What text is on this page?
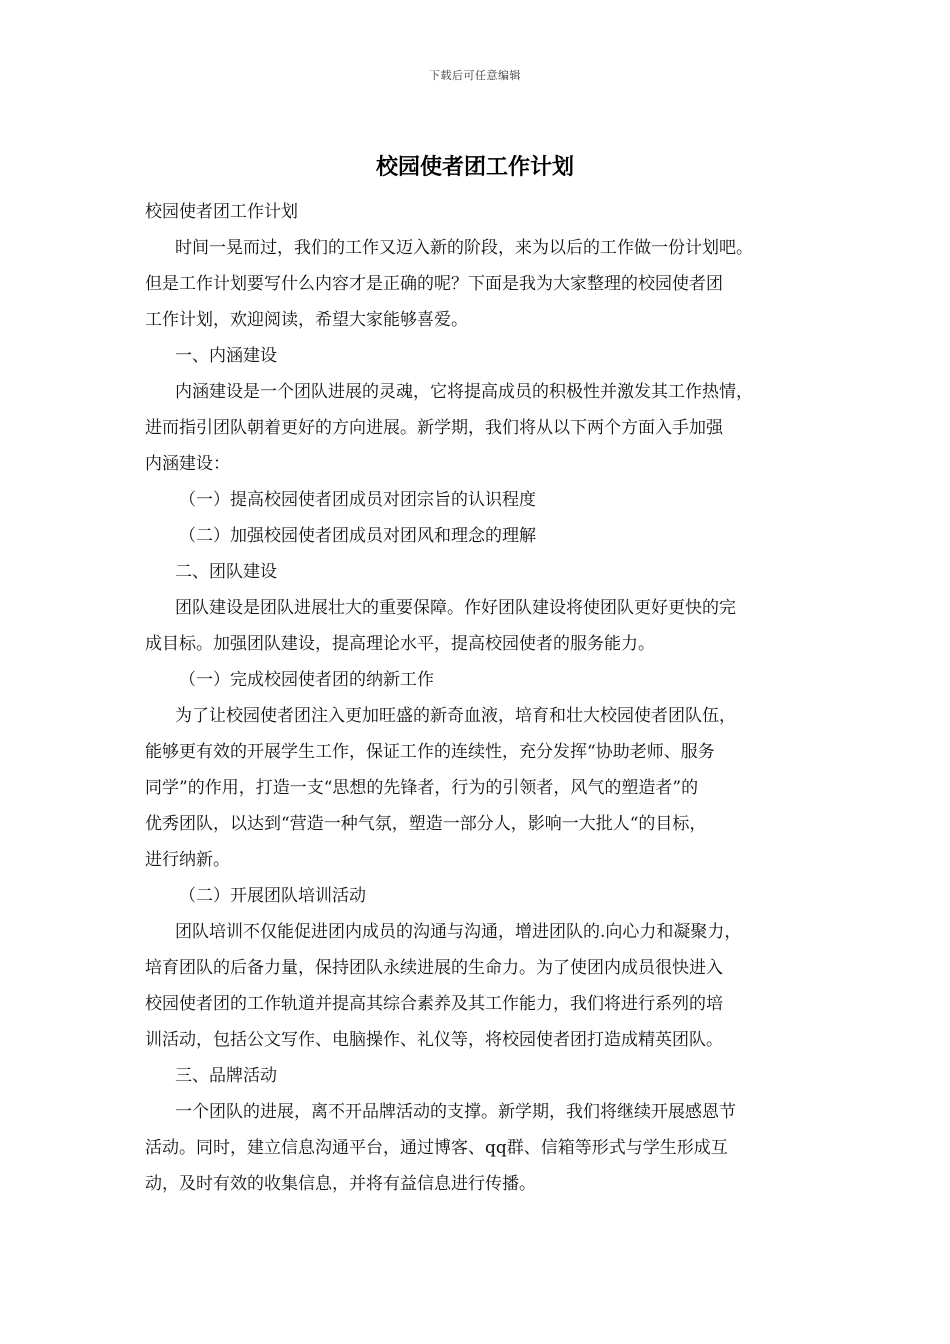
下载后可任意编辑
校园使者团工作计划
校园使者团工作计划
时间一晃而过，我们的工作又迈入新的阶段，来为以后的工作做一份计划吧。
但是工作计划要写什么内容才是正确的呢？下面是我为大家整理的校园使者团
工作计划，欢迎阅读，希望大家能够喜爱。
一、内涵建设
内涵建设是一个团队进展的灵魂，它将提高成员的积极性并激发其工作热情，
进而指引团队朝着更好的方向进展。新学期，我们将从以下两个方面入手加强
内涵建设：
（一）提高校园使者团成员对团宗旨的认识程度
（二）加强校园使者团成员对团风和理念的理解
二、团队建设
团队建设是团队进展壮大的重要保障。作好团队建设将使团队更好更快的完
成目标。加强团队建设，提高理论水平，提高校园使者的服务能力。
（一）完成校园使者团的纳新工作
为了让校园使者团注入更加旺盛的新奇血液，培育和壮大校园使者团队伍，
能够更有效的开展学生工作，保证工作的连续性，充分发挥“协助老师、服务
同学”的作用，打造一支“思想的先锋者，行为的引领者，风气的塑造者”的
优秀团队，以达到“营造一种气氛，塑造一部分人，影响一大批人“的目标，
进行纳新。
（二）开展团队培训活动
团队培训不仅能促进团内成员的沟通与沟通，增进团队的.向心力和凝聚力，
培育团队的后备力量，保持团队永续进展的生命力。为了使团内成员很快进入
校园使者团的工作轨道并提高其综合素养及其工作能力，我们将进行系列的培
训活动，包括公文写作、电脑操作、礼仪等，将校园使者团打造成精英团队。
三、品牌活动
一个团队的进展，离不开品牌活动的支撑。新学期，我们将继续开展感恩节
活动。同时，建立信息沟通平台，通过博客、qq群、信箱等形式与学生形成互
动，及时有效的收集信息，并将有益信息进行传播。
